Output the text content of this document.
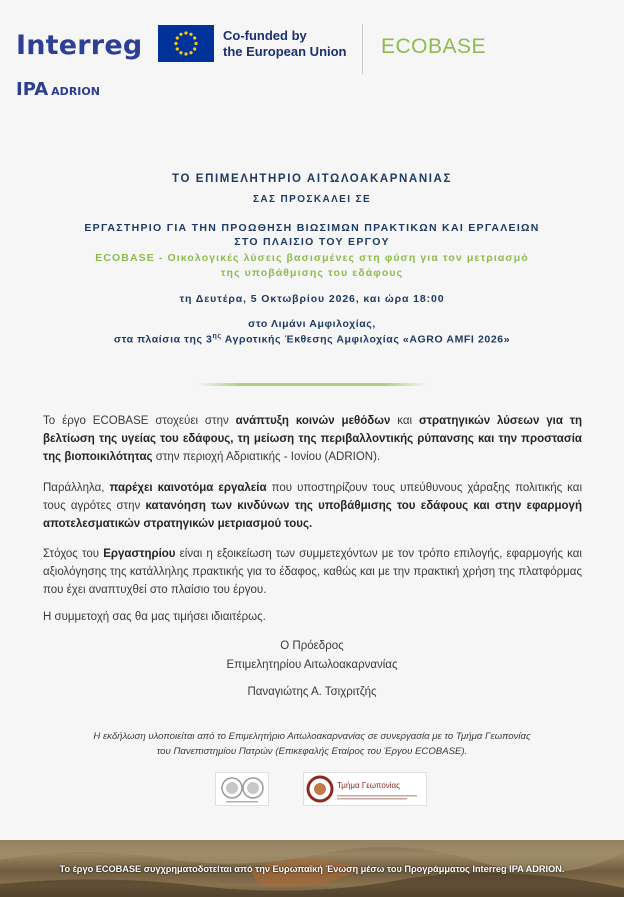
Interreg
IPA ADRION
Co-funded by
the European Union ECOBASE
ΤΟ ΕΠΙΜΕΛΗΤΗΡΙΟ ΑΙΤΩΛΟΑΚΑΡΝΑΝΙΑΣ
ΣΑΣ ΠΡΟΣΚΑΛΕΙ ΣΕ
ΕΡΓΑΣΤΗΡΙΟ ΓΙΑ ΤΗΝ ΠΡΟΩΘΗΣΗ ΒΙΩΣΙΜΩΝ ΠΡΑΚΤΙΚΩΝ ΚΑΙ ΕΡΓΑΛΕΙΩΝ
ΣΤΟ ΠΛΑΙΣΙΟ ΤΟΥ ΕΡΓΟΥ
ECOBASE - Οικολογικές λύσεις βασισμένες στη φύση για τον μετριασμό
της υποβάθμισης του εδάφους
τη Δευτέρα, 5 Οκτωβρίου 2026, και ώρα 18:00
στο Λιμάνι Αμφιλοχίας,
στα πλαίσια της $3^{\eta\varsigma}$ Αγροτικής Έκθεσης Αμφιλοχίας «AGRO AMFI 2026»
Το έργο ECOBASE στοχεύει στην ανάπτυξη κοινών μεθόδων και στρατηγικών λύσεων για τη βελτίωση της υγείας του εδάφους, τη μείωση της περιβαλλοντικής ρύπανσης και την προστασία της βιοποικιλότητας στην περιοχή Αδριατικής - Ιονίου (ADRION).
Παράλληλα, παρέχει καινοτόμα εργαλεία που υποστηρίζουν τους υπεύθυνους χάραξης πολιτικής και τους αγρότες στην κατανόηση των κινδύνων της υποβάθμισης του εδάφους και στην εφαρμογή αποτελεσματικών στρατηγικών μετριασμού τους.
Στόχος του Εργαστηρίου είναι η εξοικείωση των συμμετεχόντων με τον τρόπο επιλογής, εφαρμογής και αξιολόγησης της κατάλληλης πρακτικής για το έδαφος, καθώς και με την πρακτική χρήση της πλατφόρμας που έχει αναπτυχθεί στο πλαίσιο του έργου.
Η συμμετοχή σας θα μας τιμήσει ιδιαιτέρως.
Ο Πρόεδρος
Επιμελητηρίου Αιτωλοακαρνανίας
Παναγιώτης Α. Τσιχριτζής
Η εκδήλωση υλοποιείται από το Επιμελητήριο Αιτωλοακαρνανίας σε συνεργασία με το Τμήμα Γεωπονίας
του Πανεπιστημίου Πατρών (Επικεφαλής Εταίρος του Έργου ECOBASE).
Τμήμα Γεωπονίας
Το έργο ECOBASE συγχρηματοδοτείται από την Ευρωπαϊκή Ένωση μέσω του Προγράμματος Interreg IPA ADRION.
